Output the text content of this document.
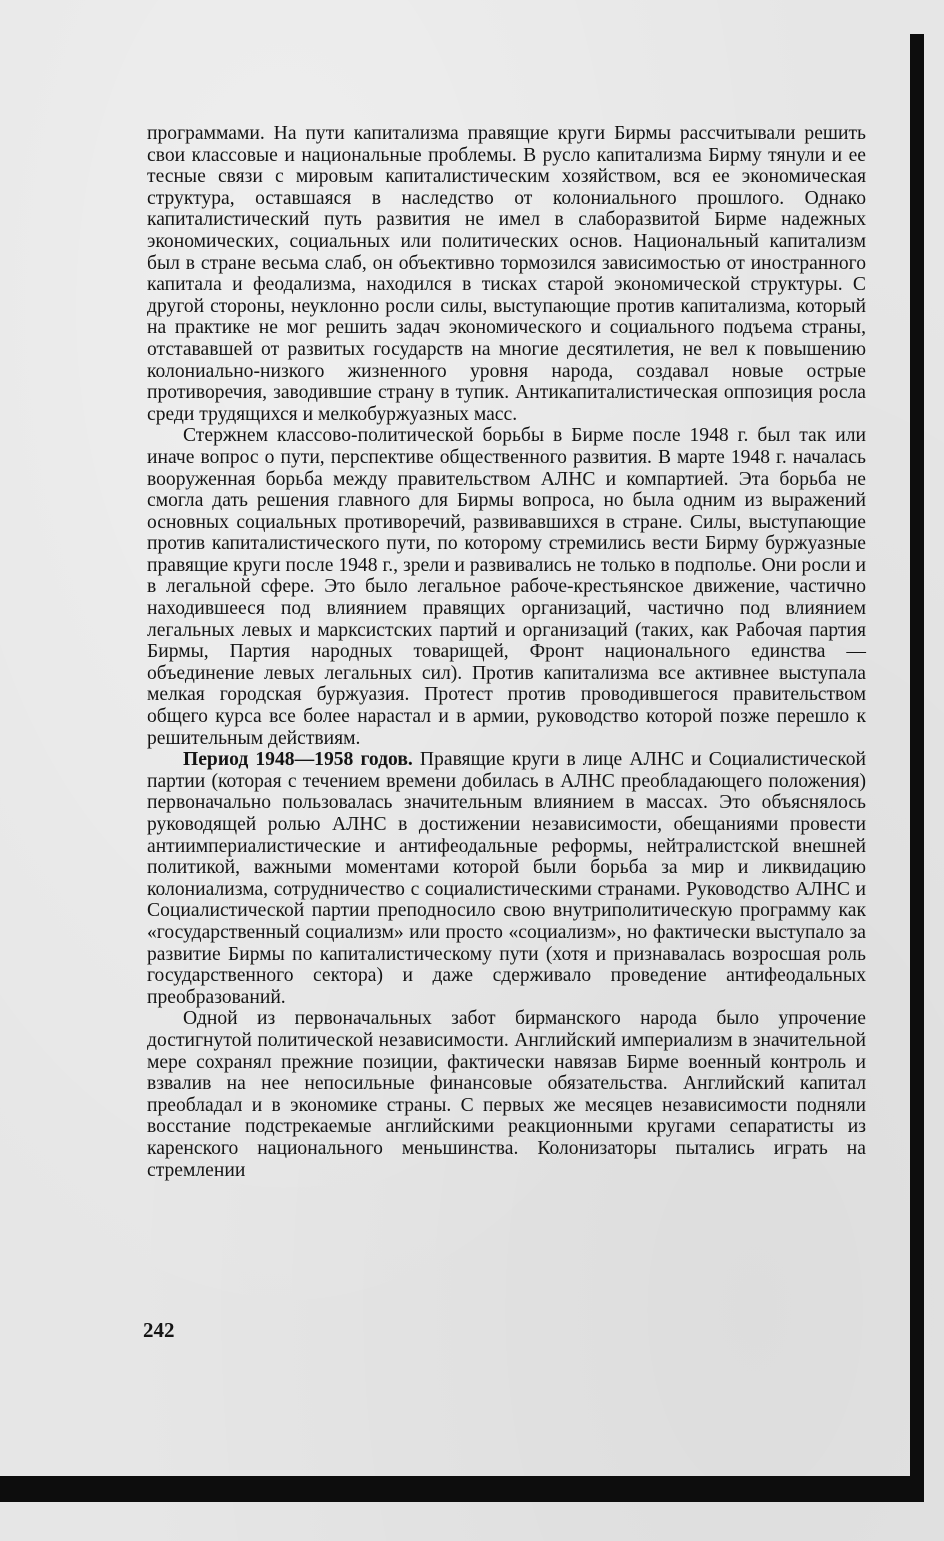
программами. На пути капитализма правящие круги Бирмы рассчитывали решить свои классовые и национальные проблемы. В русло капитализма Бирму тянули и ее тесные связи с мировым капиталистическим хозяйством, вся ее экономическая структура, оставшаяся в наследство от колониального прошлого. Однако капиталистический путь развития не имел в слаборазвитой Бирме надежных экономических, социальных или политических основ. Национальный капитализм был в стране весьма слаб, он объективно тормозился зависимостью от иностранного капитала и феодализма, находился в тисках старой экономической структуры. С другой стороны, неуклонно росли силы, выступающие против капитализма, который на практике не мог решить задач экономического и социального подъема страны, отстававшей от развитых государств на многие десятилетия, не вел к повышению колониально-низкого жизненного уровня народа, создавал новые острые противоречия, заводившие страну в тупик. Антикапиталистическая оппозиция росла среди трудящихся и мелкобуржуазных масс.

Стержнем классово-политической борьбы в Бирме после 1948 г. был так или иначе вопрос о пути, перспективе общественного развития. В марте 1948 г. началась вооруженная борьба между правительством АЛНС и компартией. Эта борьба не смогла дать решения главного для Бирмы вопроса, но была одним из выражений основных социальных противоречий, развивавшихся в стране. Силы, выступающие против капиталистического пути, по которому стремились вести Бирму буржуазные правящие круги после 1948 г., зрели и развивались не только в подполье. Они росли и в легальной сфере. Это было легальное рабоче-крестьянское движение, частично находившееся под влиянием правящих организаций, частично под влиянием легальных левых и марксистских партий и организаций (таких, как Рабочая партия Бирмы, Партия народных товарищей, Фронт национального единства — объединение левых легальных сил). Против капитализма все активнее выступала мелкая городская буржуазия. Протест против проводившегося правительством общего курса все более нарастал и в армии, руководство которой позже перешло к решительным действиям.

Период 1948—1958 годов. Правящие круги в лице АЛНС и Социалистической партии (которая с течением времени добилась в АЛНС преобладающего положения) первоначально пользовалась значительным влиянием в массах. Это объяснялось руководящей ролью АЛНС в достижении независимости, обещаниями провести антиимпериалистические и антифеодальные реформы, нейтралистской внешней политикой, важными моментами которой были борьба за мир и ликвидацию колониализма, сотрудничество с социалистическими странами. Руководство АЛНС и Социалистической партии преподносило свою внутриполитическую программу как «государственный социализм» или просто «социализм», но фактически выступало за развитие Бирмы по капиталистическому пути (хотя и признавалась возросшая роль государственного сектора) и даже сдерживало проведение антифеодальных преобразований.

Одной из первоначальных забот бирманского народа было упрочение достигнутой политической независимости. Английский империализм в значительной мере сохранял прежние позиции, фактически навязав Бирме военный контроль и взвалив на нее непосильные финансовые обязательства. Английский капитал преобладал и в экономике страны. С первых же месяцев независимости подняли восстание подстрекаемые английскими реакционными кругами сепаратисты из каренского национального меньшинства. Колонизаторы пытались играть на стремлении

242
